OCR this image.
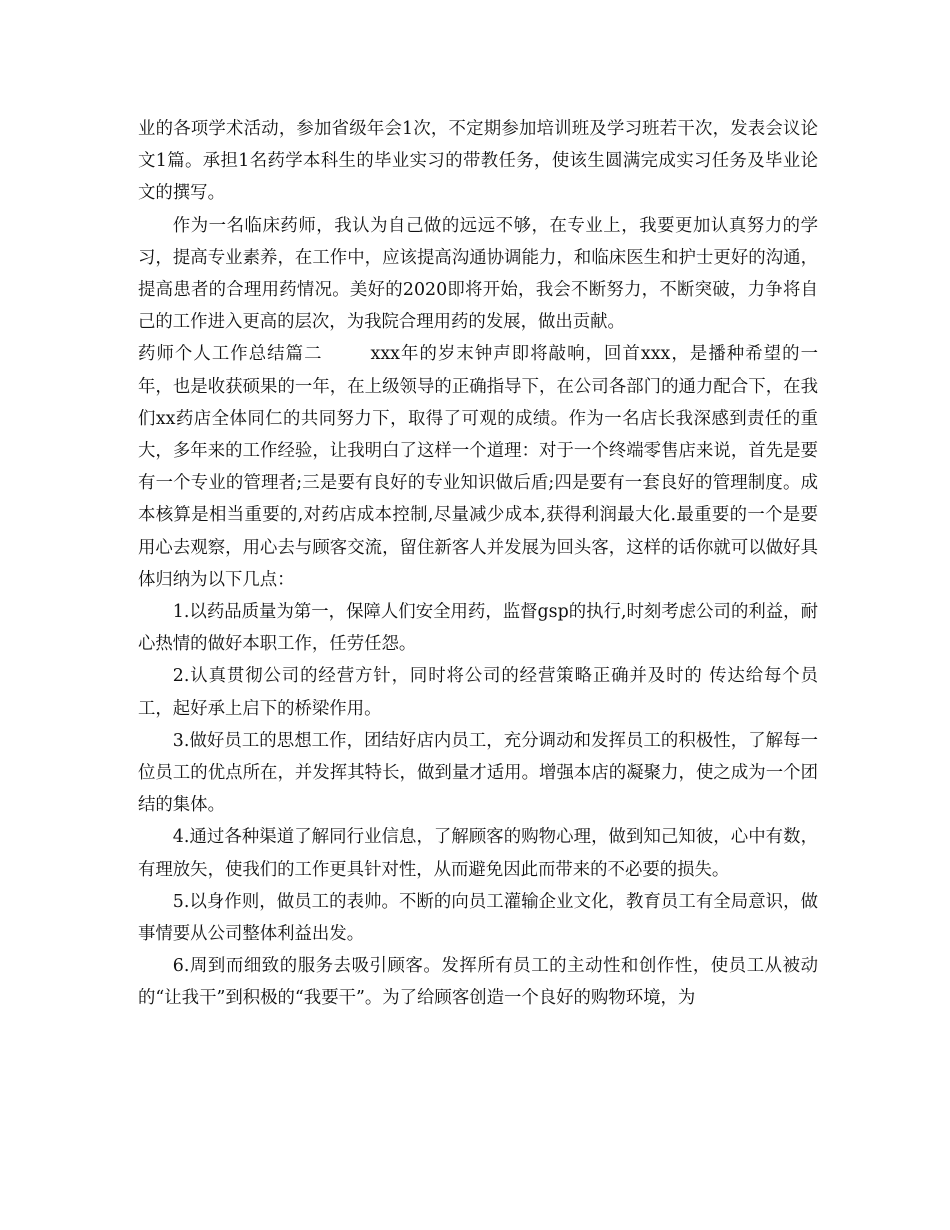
业的各项学术活动，参加省级年会1次，不定期参加培训班及学习班若干次，发表会议论文1篇。承担1名药学本科生的毕业实习的带教任务，使该生圆满完成实习任务及毕业论文的撰写。

作为一名临床药师，我认为自己做的远远不够，在专业上，我要更加认真努力的学习，提高专业素养，在工作中，应该提高沟通协调能力，和临床医生和护士更好的沟通，提高患者的合理用药情况。美好的2020即将开始，我会不断努力，不断突破，力争将自己的工作进入更高的层次，为我院合理用药的发展，做出贡献。

药师个人工作总结篇二	xxx年的岁末钟声即将敲响，回首xxx，是播种希望的一年，也是收获硕果的一年，在上级领导的正确指导下，在公司各部门的通力配合下，在我们xx药店全体同仁的共同努力下，取得了可观的成绩。作为一名店长我深感到责任的重大，多年来的工作经验，让我明白了这样一个道理：对于一个终端零售店来说，首先是要有一个专业的管理者;三是要有良好的专业知识做后盾;四是要有一套良好的管理制度。成本核算是相当重要的,对药店成本控制,尽量减少成本,获得利润最大化.最重要的一个是要用心去观察，用心去与顾客交流，留住新客人并发展为回头客，这样的话你就可以做好具体归纳为以下几点：

1.以药品质量为第一，保障人们安全用药，监督gsp的执行,时刻考虑公司的利益，耐心热情的做好本职工作，任劳任怨。

2.认真贯彻公司的经营方针，同时将公司的经营策略正确并及时的 传达给每个员工，起好承上启下的桥梁作用。

3.做好员工的思想工作，团结好店内员工，充分调动和发挥员工的积极性，了解每一位员工的优点所在，并发挥其特长，做到量才适用。增强本店的凝聚力，使之成为一个团结的集体。

4.通过各种渠道了解同行业信息，了解顾客的购物心理，做到知己知彼，心中有数，有理放矢，使我们的工作更具针对性，从而避免因此而带来的不必要的损失。

5.以身作则，做员工的表帅。不断的向员工灌输企业文化，教育员工有全局意识，做事情要从公司整体利益出发。

6.周到而细致的服务去吸引顾客。发挥所有员工的主动性和创作性，使员工从被动的“让我干”到积极的“我要干”。为了给顾客创造一个良好的购物环境，为
